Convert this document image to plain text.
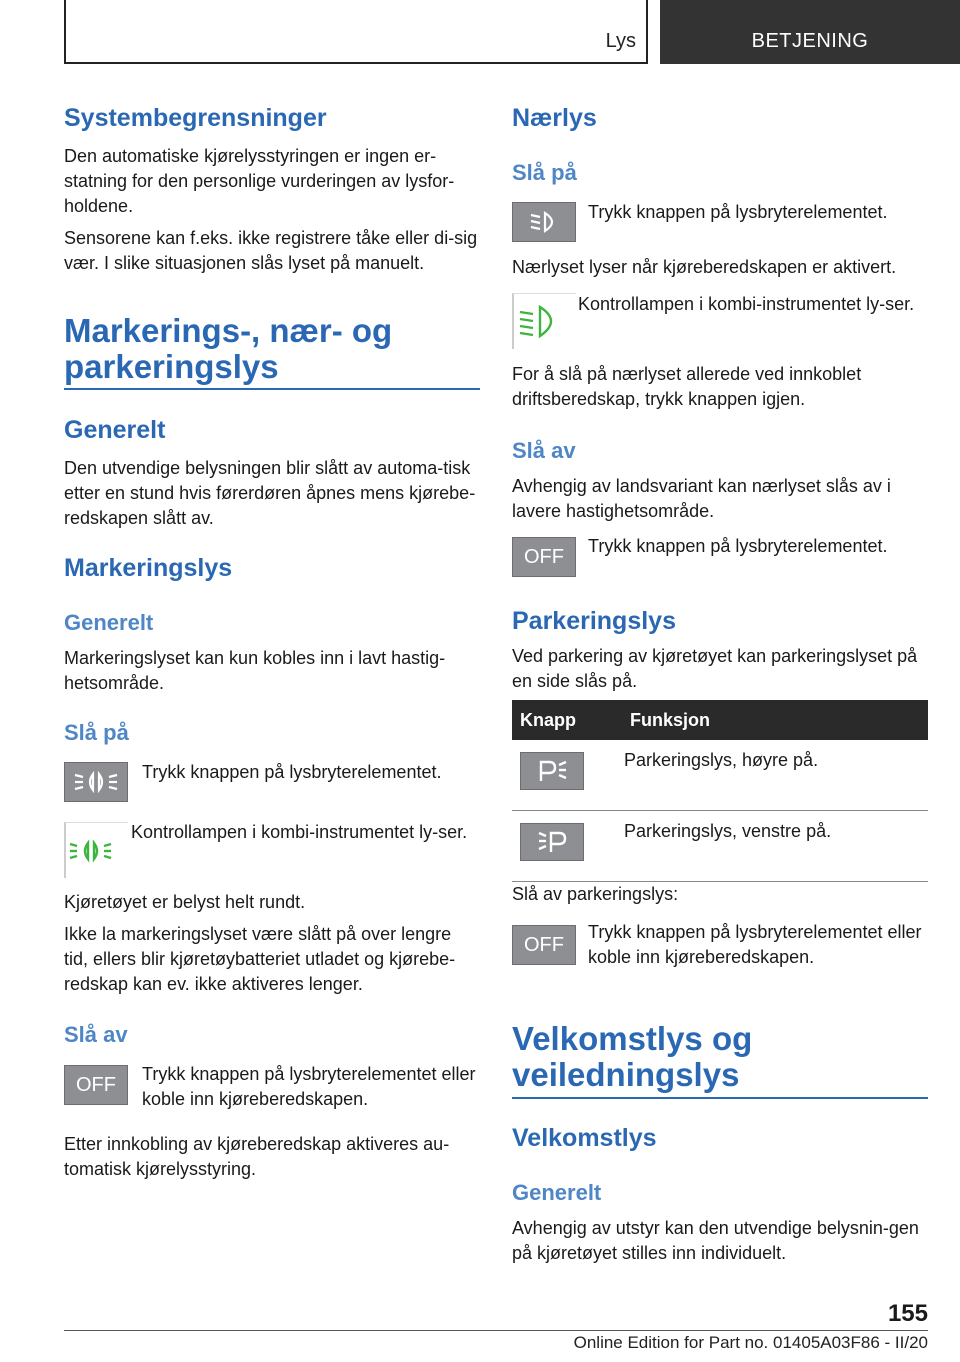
Lys	BETJENING
Systembegrensninger
Den automatiske kjørelysstyringen er ingen er-statning for den personlige vurderingen av lysfor-holdene.
Sensorene kan f.eks. ikke registrere tåke eller di-sig vær. I slike situasjonen slås lyset på manuelt.
Markerings-, nær- og
parkeringslys
Generelt
Den utvendige belysningen blir slått av automa-tisk etter en stund hvis førerdøren åpnes mens kjøreberedskapen slått av.
Markeringslys
Generelt
Markeringslyset kan kun kobles inn i lavt hastig-hetsområde.
Slå på
Trykk knappen på lysbryterelementet.
Kontrollampen i kombi-instrumentet ly-ser.
Kjøretøyet er belyst helt rundt.
Ikke la markeringslyset være slått på over lengre tid, ellers blir kjøretøybatteriet utladet og kjørebe-redskap kan ev. ikke aktiveres lenger.
Slå av
OFF	Trykk knappen på lysbryterelementet eller koble inn kjøreberedskapen.
Etter innkobling av kjøreberedskap aktiveres au-tomatisk kjørelysstyring.
Nærlys
Slå på
Trykk knappen på lysbryterelementet.
Nærlyset lyser når kjøreberedskapen er aktivert.
Kontrollampen i kombi-instrumentet ly-ser.
For å slå på nærlyset allerede ved innkoblet driftsberedskap, trykk knappen igjen.
Slå av
Avhengig av landsvariant kan nærlyset slås av i lavere hastighetsområde.
OFF	Trykk knappen på lysbryterelementet.
Parkeringslys
Ved parkering av kjøretøyet kan parkeringslyset på en side slås på.
Knapp	Funksjon

	Parkeringslys, høyre på.

	Parkeringslys, venstre på.
Slå av parkeringslys:
OFF
Trykk knappen på lysbryterelementet eller koble inn kjøreberedskapen.
Velkomstlys og
veiledningslys
Velkomstlys
Generelt
Avhengig av utstyr kan den utvendige belysnin-gen på kjøretøyet stilles inn individuelt.
155
Online Edition for Part no. 01405A03F86 - II/20
